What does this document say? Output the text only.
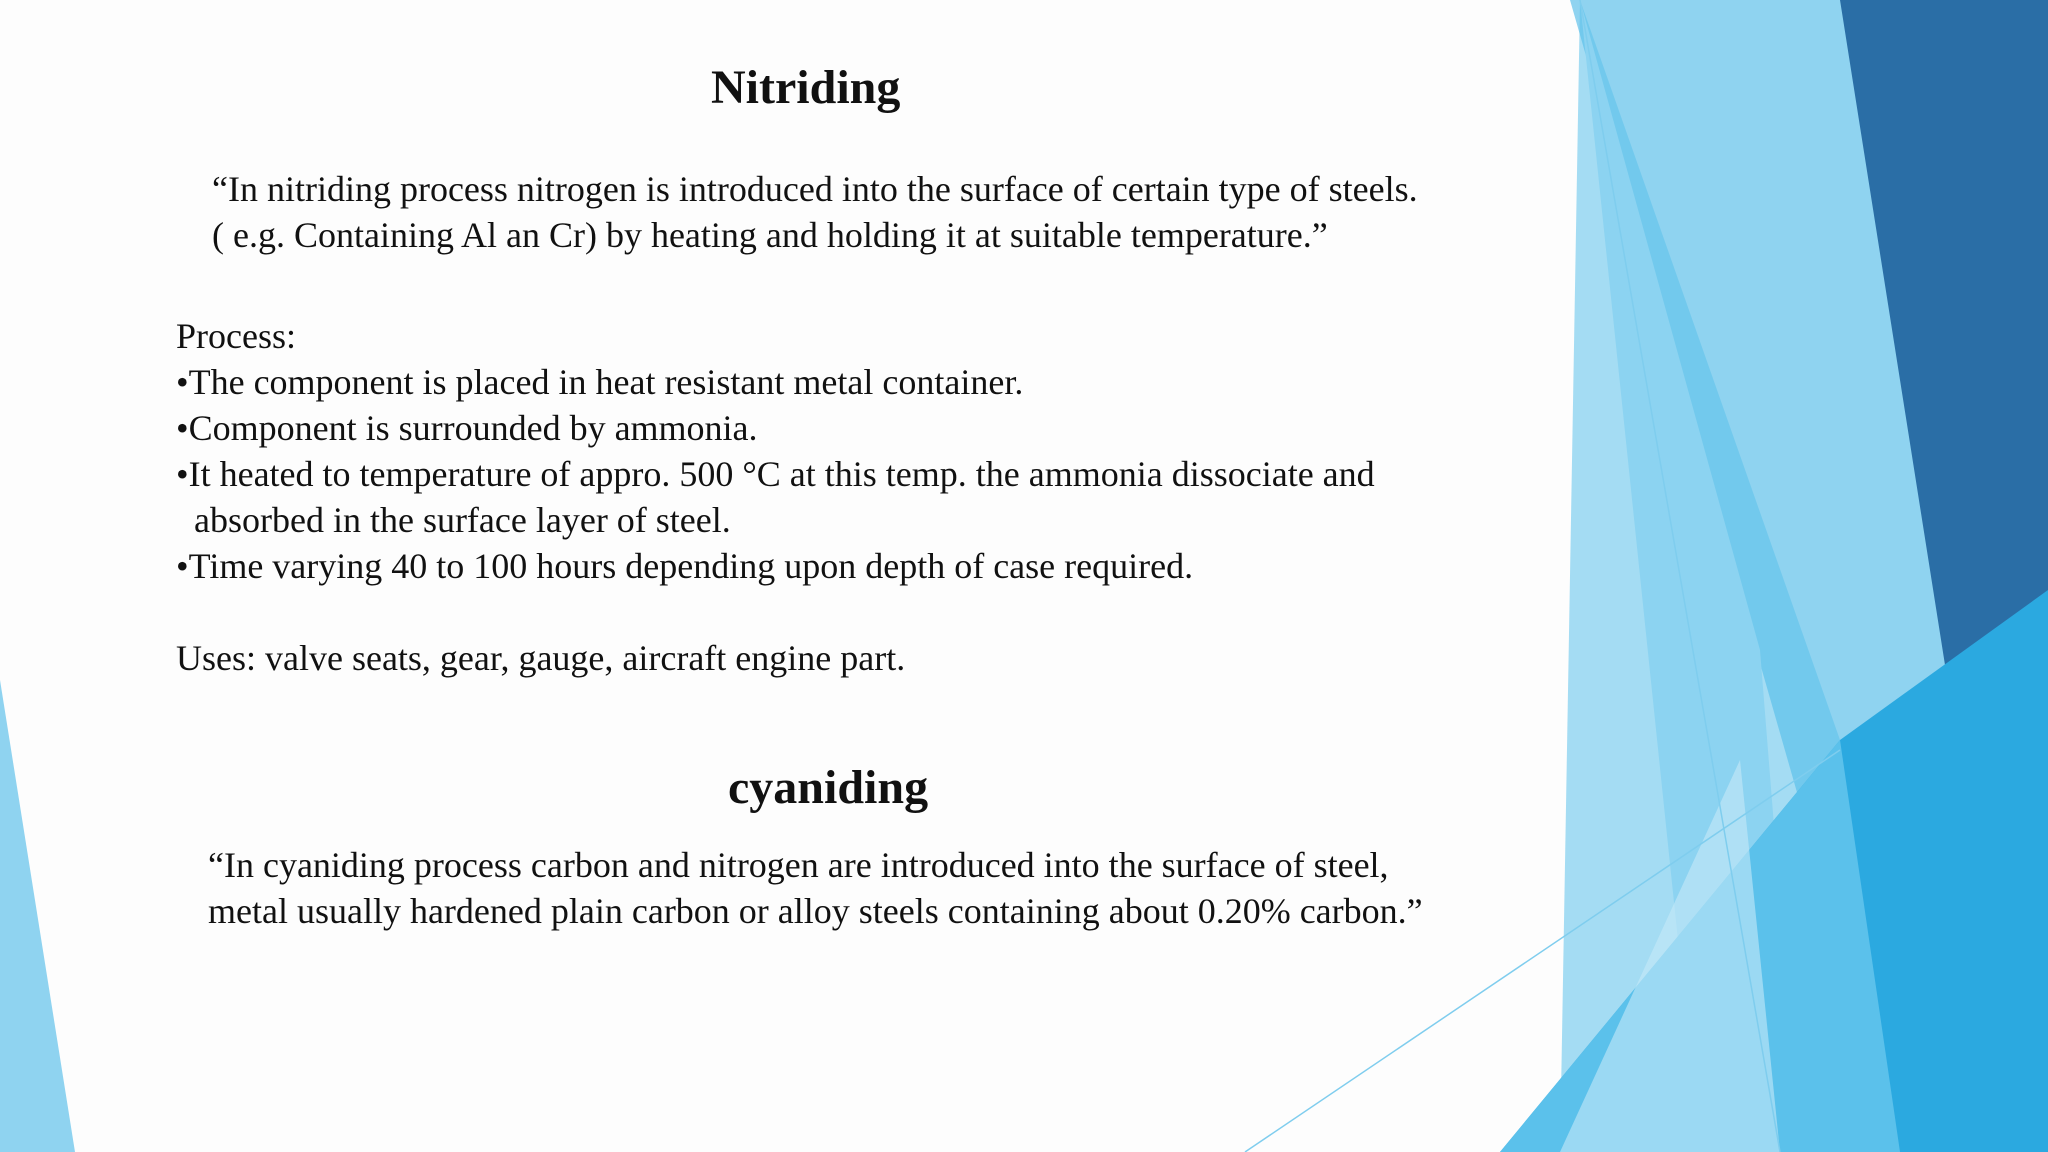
Nitriding
“In nitriding process nitrogen is introduced into the surface of certain type of steels.
( e.g. Containing Al an Cr) by heating and holding it at suitable temperature.”
Process:
•The component is placed in heat resistant metal container.
•Component is surrounded by ammonia.
•It heated to temperature of appro. 500 °C at this temp. the ammonia dissociate and
absorbed in the surface layer of steel.
•Time varying 40 to 100 hours depending upon depth of case required.
Uses: valve seats, gear, gauge, aircraft engine part.
cyaniding
“In cyaniding process carbon and nitrogen are introduced into the surface of steel,
metal usually hardened plain carbon or alloy steels containing about 0.20% carbon.”
